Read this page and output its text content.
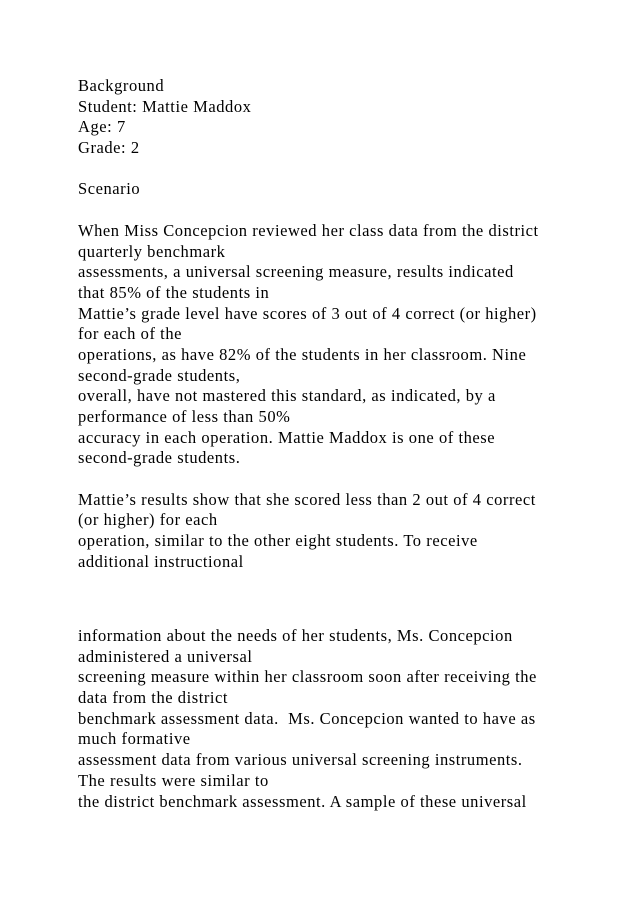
Background
Student: Mattie Maddox
Age: 7
Grade: 2
Scenario
When Miss Concepcion reviewed her class data from the district
quarterly benchmark
assessments, a universal screening measure, results indicated
that 85% of the students in
Mattie’s grade level have scores of 3 out of 4 correct (or higher)
for each of the
operations, as have 82% of the students in her classroom. Nine
second-grade students,
overall, have not mastered this standard, as indicated, by a
performance of less than 50%
accuracy in each operation. Mattie Maddox is one of these
second-grade students.
Mattie’s results show that she scored less than 2 out of 4 correct
(or higher) for each
operation, similar to the other eight students. To receive
additional instructional
information about the needs of her students, Ms. Concepcion
administered a universal
screening measure within her classroom soon after receiving the
data from the district
benchmark assessment data.  Ms. Concepcion wanted to have as
much formative
assessment data from various universal screening instruments.
The results were similar to
the district benchmark assessment. A sample of these universal
